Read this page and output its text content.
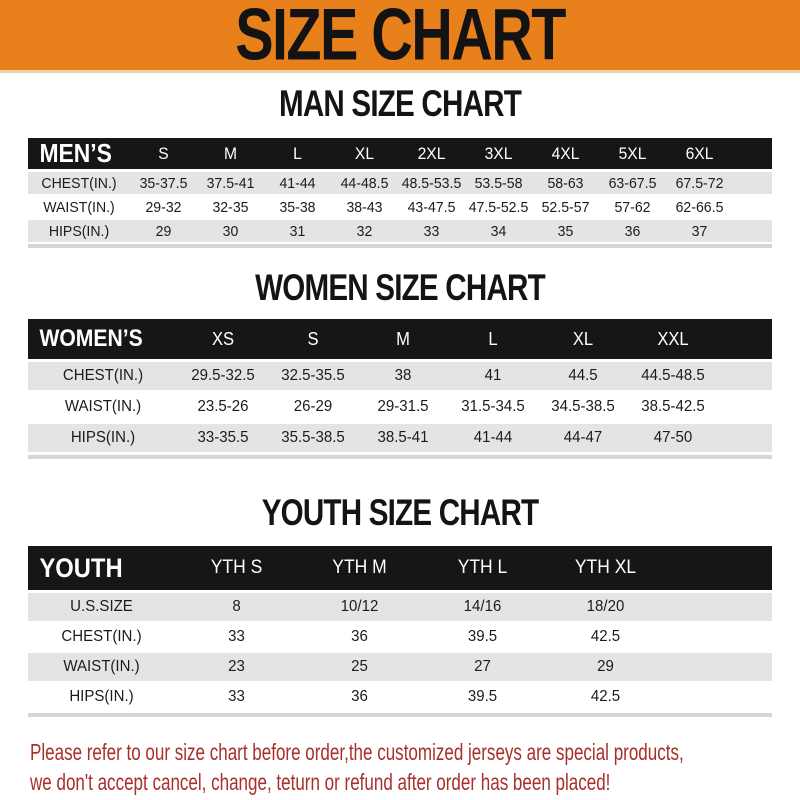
SIZE CHART
MAN SIZE CHART
MEN’S	S	M	L	XL	2XL	3XL	4XL	5XL	6XL
CHEST(IN.)	35-37.5	37.5-41	41-44	44-48.5 48.5-53.5 53.5-58	58-63	63-67.5	67.5-72
WAIST(IN.)	29-32	32-35	35-38	38-43	43-47.5 47.5-52.5 52.5-57	57-62	62-66.5
HIPS(IN.)	29	30	31	32	33	34	35	36	37
WOMEN SIZE CHART
WOMEN’S	XS	S	M	L	XL	XXL
CHEST(IN.)	29.5-32.5	32.5-35.5	38	41	44.5	44.5-48.5
WAIST(IN.)	23.5-26	26-29	29-31.5	31.5-34.5	34.5-38.5	38.5-42.5
HIPS(IN.)	33-35.5	35.5-38.5	38.5-41	41-44	44-47	47-50
YOUTH SIZE CHART
YOUTH	YTH S	YTH M	YTH L	YTH XL
U.S.SIZE	8	10/12	14/16	18/20
CHEST(IN.)	33	36	39.5	42.5
WAIST(IN.)	23	25	27	29
HIPS(IN.)	33	36	39.5	42.5
Please refer to our size chart before order,the customized jerseys are special products,
we don't accept cancel, change, teturn or refund after order has been placed!
